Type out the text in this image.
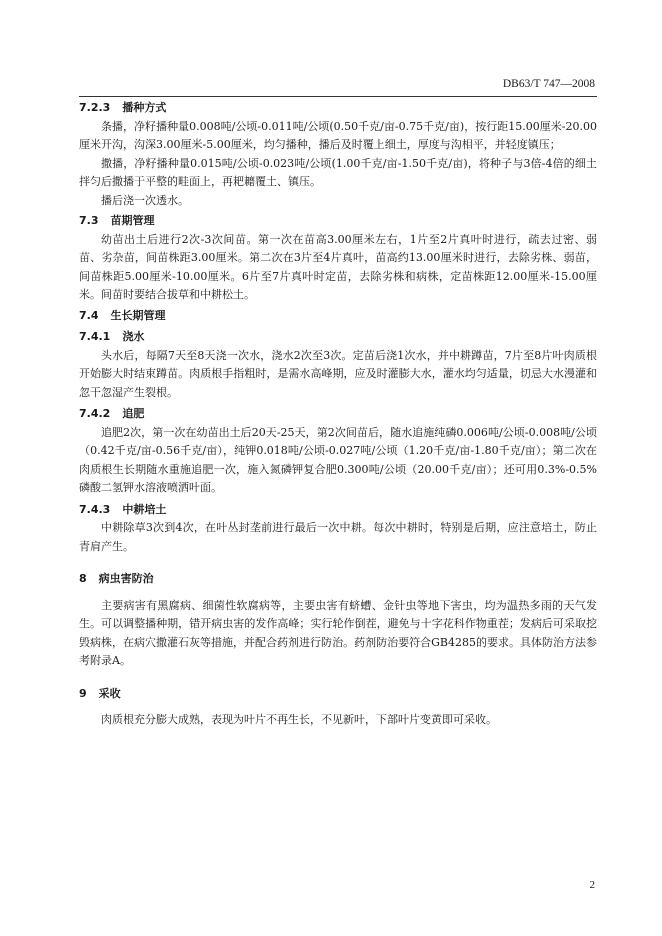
DB63/T 747—2008
7.2.3 播种方式

条播，净籽播种量0.008吨/公顷-0.011吨/公顷(0.50千克/亩-0.75千克/亩)，按行距15.00厘米-20.00厘米开沟，沟深3.00厘米-5.00厘米，均匀播种，播后及时覆上细土，厚度与沟相平，并轻度镇压；

撒播，净籽播种量0.015吨/公顷-0.023吨/公顷(1.00千克/亩-1.50千克/亩)，将种子与3倍-4倍的细土拌匀后撒播于平整的畦面上，再耙耱覆土、镇压。

播后浇一次透水。

7.3 苗期管理

幼苗出土后进行2次-3次间苗。第一次在苗高3.00厘米左右，1片至2片真叶时进行，疏去过密、弱苗、劣杂苗，间苗株距3.00厘米。第二次在3片至4片真叶，苗高约13.00厘米时进行，去除劣株、弱苗，间苗株距5.00厘米-10.00厘米。6片至7片真叶时定苗，去除劣株和病株，定苗株距12.00厘米-15.00厘米。间苗时要结合拔草和中耕松土。

7.4 生长期管理
7.4.1 浇水

头水后，每隔7天至8天浇一次水，浇水2次至3次。定苗后浇1次水，并中耕蹲苗，7片至8片叶肉质根开始膨大时结束蹲苗。肉质根手指粗时，是需水高峰期，应及时灌膨大水，灌水均匀适量，切忌大水漫灌和忽干忽湿产生裂根。

7.4.2 追肥

追肥2次，第一次在幼苗出土后20天-25天，第2次间苗后，随水追施纯磷0.006吨/公顷-0.008吨/公顷（0.42千克/亩-0.56千克/亩），纯钾0.018吨/公顷-0.027吨/公顷（1.20千克/亩-1.80千克/亩）；第二次在肉质根生长期随水重施追肥一次，施入氮磷钾复合肥0.300吨/公顷（20.00千克/亩）；还可用0.3%-0.5%磷酸二氢钾水溶液喷洒叶面。

7.4.3 中耕培土

中耕除草3次到4次，在叶丛封垄前进行最后一次中耕。每次中耕时，特别是后期，应注意培土，防止青肩产生。

8 病虫害防治

主要病害有黑腐病、细菌性软腐病等，主要虫害有蛴螬、金针虫等地下害虫，均为温热多雨的天气发生。可以调整播种期，错开病虫害的发作高峰；实行轮作倒茬，避免与十字花科作物重茬；发病后可采取挖毁病株，在病穴撒灌石灰等措施，并配合药剂进行防治。药剂防治要符合GB4285的要求。具体防治方法参考附录A。

9 采收

肉质根充分膨大成熟，表现为叶片不再生长，不见新叶，下部叶片变黄即可采收。

2
